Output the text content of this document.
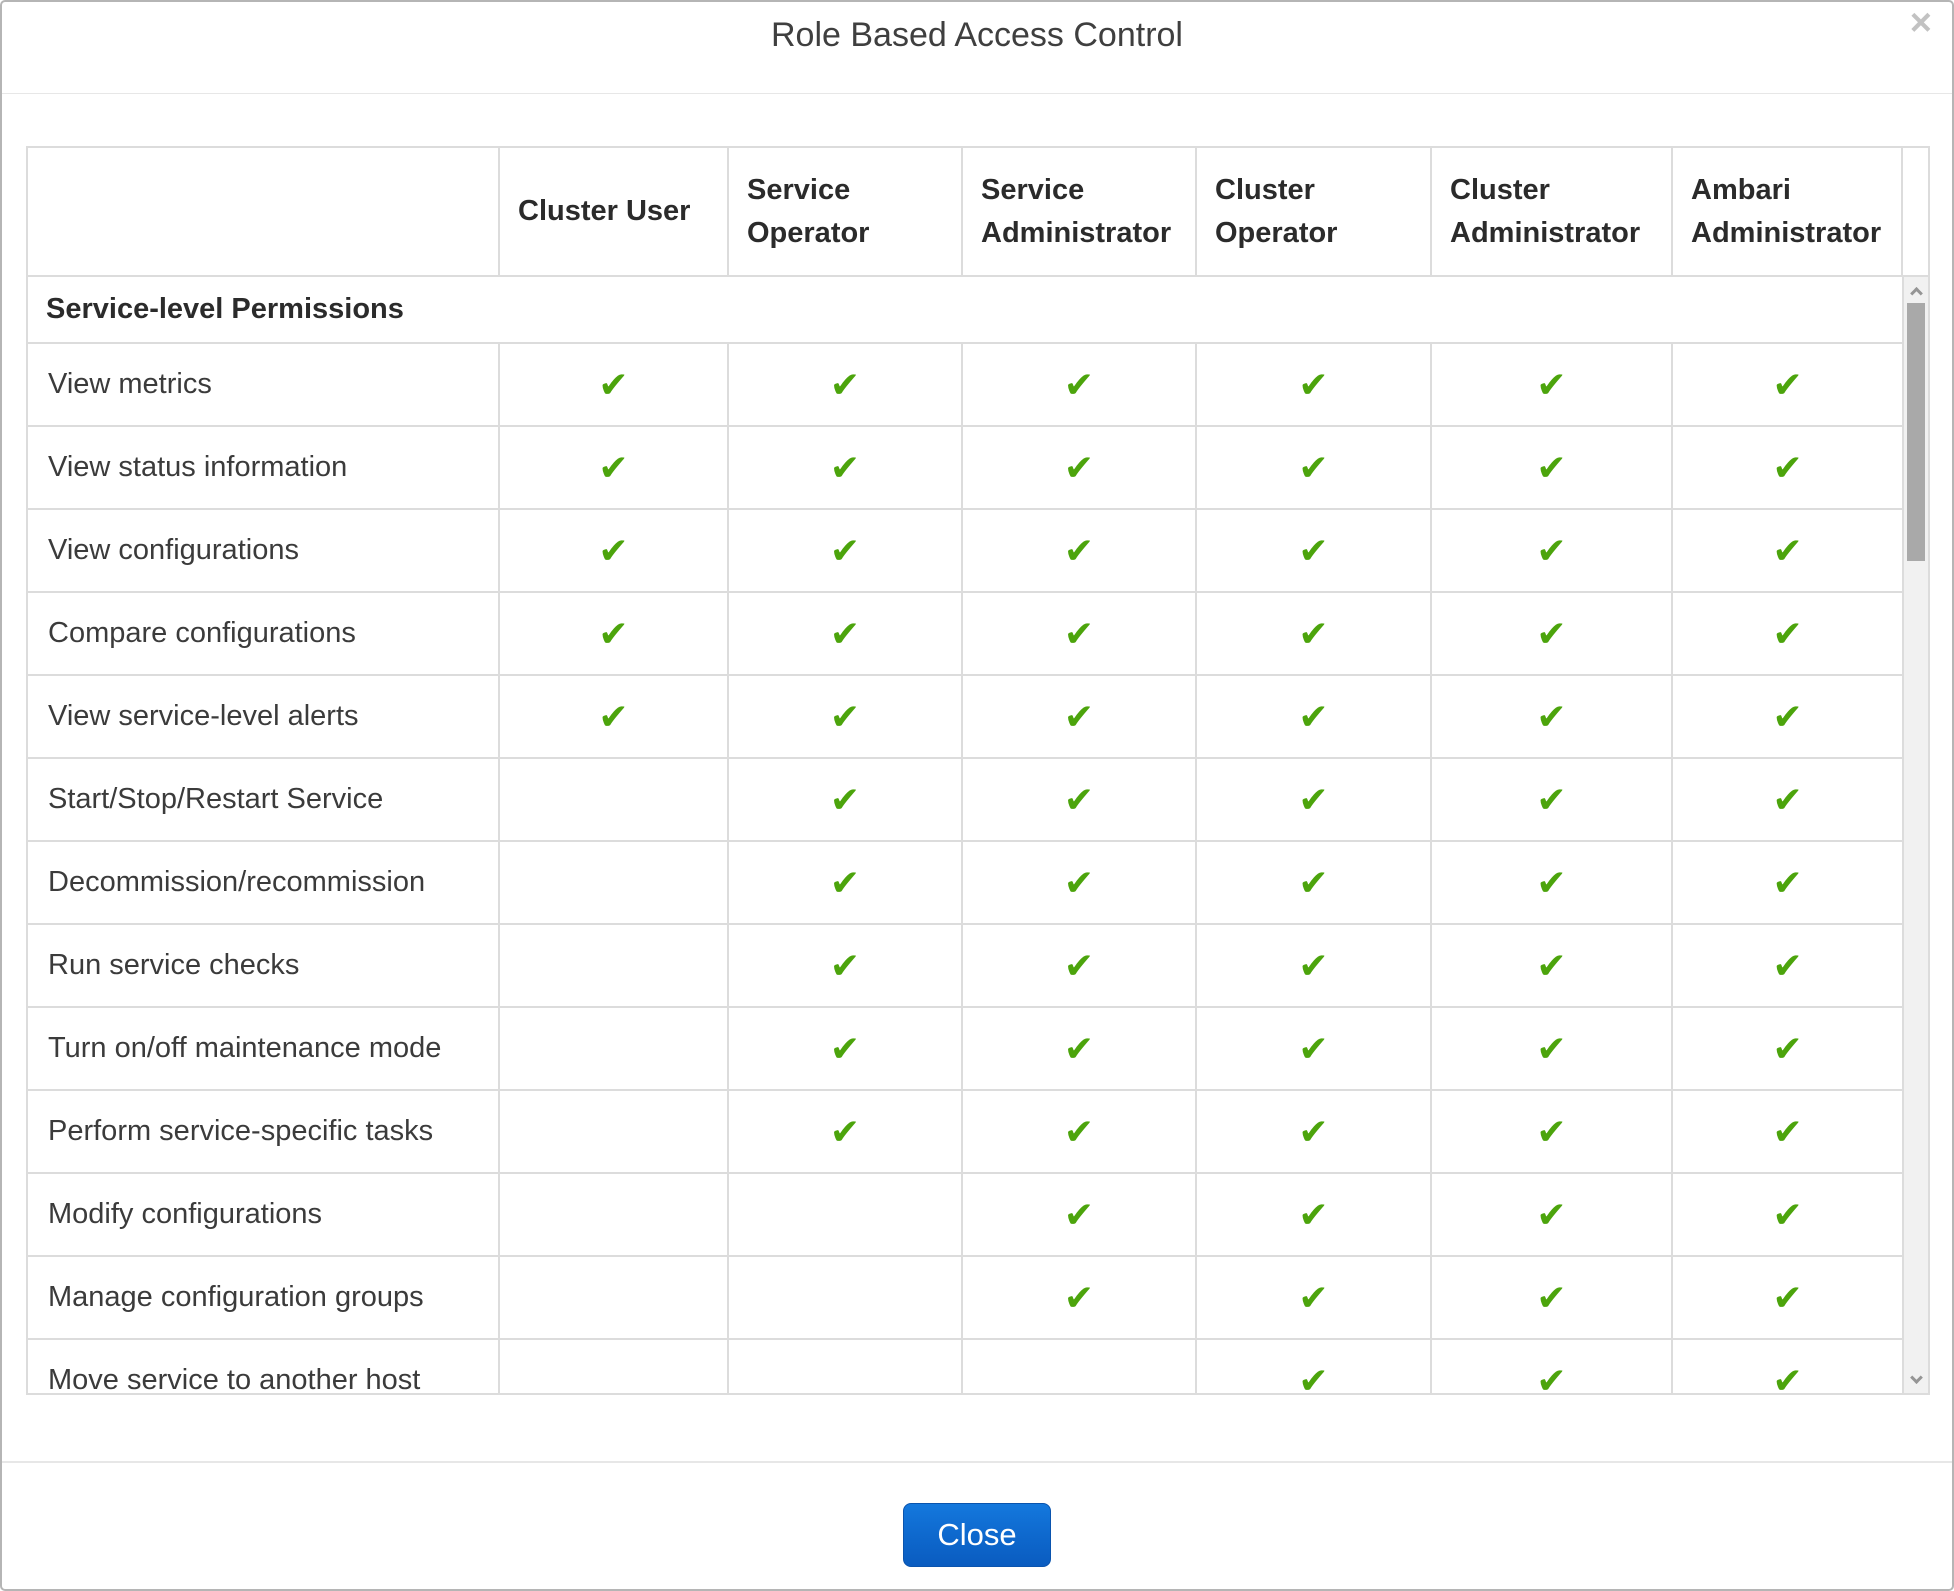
Role Based Access Control	×
	Cluster User	Service Operator	Service Administrator	Cluster Operator	Cluster Administrator	Ambari Administrator	
Service-level Permissions						
View metrics	✔	✔	✔	✔	✔	✔
View status information	✔	✔	✔	✔	✔	✔
View configurations	✔	✔	✔	✔	✔	✔
Compare configurations	✔	✔	✔	✔	✔	✔
View service-level alerts	✔	✔	✔	✔	✔	✔
Start/Stop/Restart Service		✔	✔	✔	✔	✔
Decommission/recommission		✔	✔	✔	✔	✔
Run service checks		✔	✔	✔	✔	✔
Turn on/off maintenance mode		✔	✔	✔	✔	✔
Perform service-specific tasks		✔	✔	✔	✔	✔
Modify configurations			✔	✔	✔	✔
Manage configuration groups			✔	✔	✔	✔
Move service to another host				✔	✔	✔
Close
